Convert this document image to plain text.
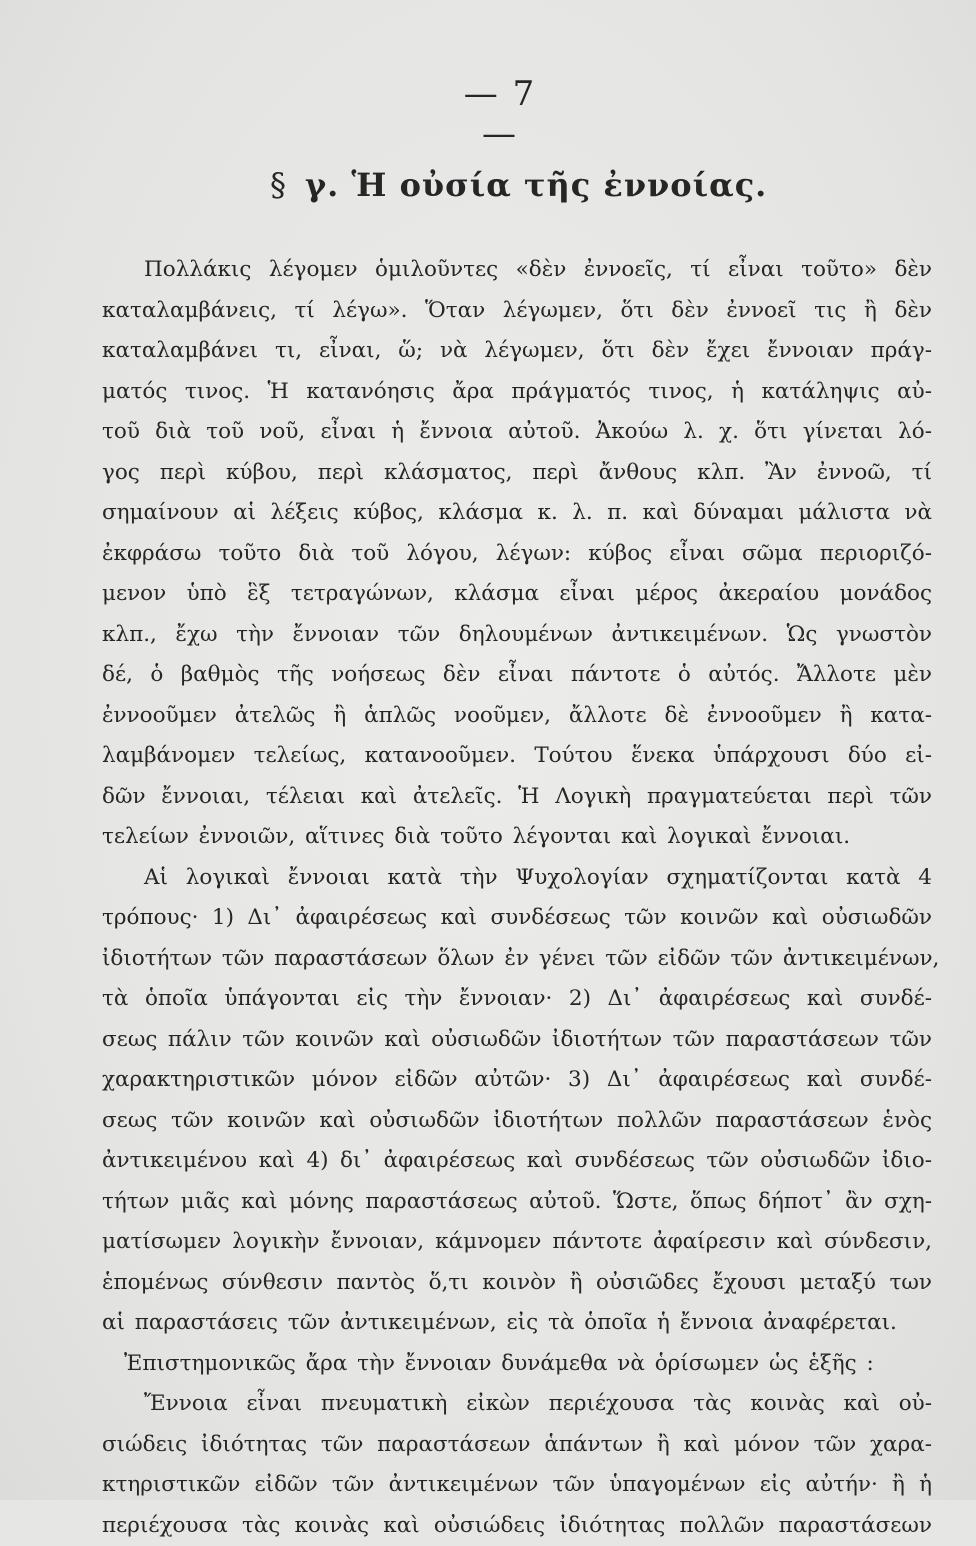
— 7 —
§ γ. Ἡ οὐσία τῆς ἐννοίας.
Πολλάκις λέγομεν ὁμιλοῦντες «δὲν ἐννοεῖς, τί εἶναι τοῦτο» δὲν
καταλαμβάνεις, τί λέγω». Ὅταν λέγωμεν, ὅτι δὲν ἐννοεῖ τις ἢ δὲν
καταλαμβάνει τι, εἶναι, ὥ; νὰ λέγωμεν, ὅτι δὲν ἔχει ἔννοιαν πράγ-
ματός τινος. Ἡ κατανόησις ἄρα πράγματός τινος, ἡ κατάληψις αὐ-
τοῦ διὰ τοῦ νοῦ, εἶναι ἡ ἔννοια αὐτοῦ. Ἀκούω λ. χ. ὅτι γίνεται λό-
γος περὶ κύβου, περὶ κλάσματος, περὶ ἄνθους κλπ. Ἂν ἐννοῶ, τί
σημαίνουν αἱ λέξεις κύβος, κλάσμα κ. λ. π. καὶ δύναμαι μάλιστα νὰ
ἐκφράσω τοῦτο διὰ τοῦ λόγου, λέγων: κύβος εἶναι σῶμα περιοριζό-
μενον ὑπὸ ἓξ τετραγώνων, κλάσμα εἶναι μέρος ἀκεραίου μονάδος
κλπ., ἔχω τὴν ἔννοιαν τῶν δηλουμένων ἀντικειμένων. Ὡς γνωστὸν
δέ, ὁ βαθμὸς τῆς νοήσεως δὲν εἶναι πάντοτε ὁ αὐτός. Ἄλλοτε μὲν
ἐννοοῦμεν ἀτελῶς ἢ ἁπλῶς νοοῦμεν, ἄλλοτε δὲ ἐννοοῦμεν ἢ κατα-
λαμβάνομεν τελείως, κατανοοῦμεν. Τούτου ἕνεκα ὑπάρχουσι δύο εἰ-
δῶν ἔννοιαι, τέλειαι καὶ ἀτελεῖς. Ἡ Λογικὴ πραγματεύεται περὶ τῶν
τελείων ἐννοιῶν, αἵτινες διὰ τοῦτο λέγονται καὶ λογικαὶ ἔννοιαι.
Αἱ λογικαὶ ἔννοιαι κατὰ τὴν Ψυχολογίαν σχηματίζονται κατὰ 4
τρόπους· 1) Δι᾿ ἀφαιρέσεως καὶ συνδέσεως τῶν κοινῶν καὶ οὐσιωδῶν
ἰδιοτήτων τῶν παραστάσεων ὅλων ἐν γένει τῶν εἰδῶν τῶν ἀντικειμένων,
τὰ ὁποῖα ὑπάγονται εἰς τὴν ἔννοιαν· 2) Δι᾿ ἀφαιρέσεως καὶ συνδέ-
σεως πάλιν τῶν κοινῶν καὶ οὐσιωδῶν ἰδιοτήτων τῶν παραστάσεων τῶν
χαρακτηριστικῶν μόνον εἰδῶν αὐτῶν· 3) Δι᾿ ἀφαιρέσεως καὶ συνδέ-
σεως τῶν κοινῶν καὶ οὐσιωδῶν ἰδιοτήτων πολλῶν παραστάσεων ἑνὸς
ἀντικειμένου καὶ 4) δι᾿ ἀφαιρέσεως καὶ συνδέσεως τῶν οὐσιωδῶν ἰδιο-
τήτων μιᾶς καὶ μόνης παραστάσεως αὐτοῦ. Ὥστε, ὅπως δήποτ᾿ ἂν σχη-
ματίσωμεν λογικὴν ἔννοιαν, κάμνομεν πάντοτε ἀφαίρεσιν καὶ σύνδεσιν,
ἑπομένως σύνθεσιν παντὸς ὅ,τι κοινὸν ἢ οὐσιῶδες ἔχουσι μεταξύ των
αἱ παραστάσεις τῶν ἀντικειμένων, εἰς τὰ ὁποῖα ἡ ἔννοια ἀναφέρεται.
Ἐπιστημονικῶς ἄρα τὴν ἔννοιαν δυνάμεθα νὰ ὁρίσωμεν ὡς ἑξῆς :
Ἔννοια εἶναι πνευματικὴ εἰκὼν περιέχουσα τὰς κοινὰς καὶ οὐ-
σιώδεις ἰδιότητας τῶν παραστάσεων ἁπάντων ἢ καὶ μόνον τῶν χαρα-
κτηριστικῶν εἰδῶν τῶν ἀντικειμένων τῶν ὑπαγομένων εἰς αὐτήν· ἢ ἡ
περιέχουσα τὰς κοινὰς καὶ οὐσιώδεις ἰδιότητας πολλῶν παραστάσεων
